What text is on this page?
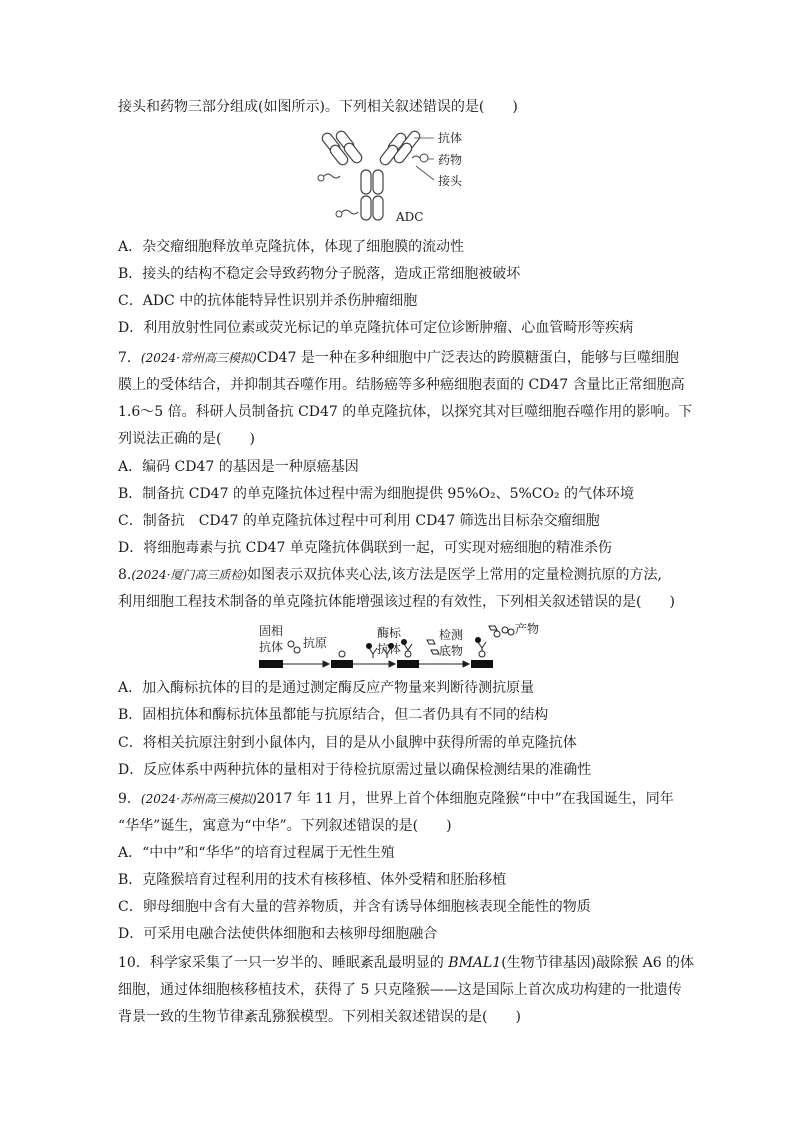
接头和药物三部分组成(如图所示)。下列相关叙述错误的是(　　)
抗体
药物
接头
ADC
A．杂交瘤细胞释放单克隆抗体，体现了细胞膜的流动性
B．接头的结构不稳定会导致药物分子脱落，造成正常细胞被破坏
C．ADC 中的抗体能特异性识别并杀伤肿瘤细胞
D．利用放射性同位素或荧光标记的单克隆抗体可定位诊断肿瘤、心血管畸形等疾病
7．(2024·常州高三模拟)CD47 是一种在多种细胞中广泛表达的跨膜糖蛋白，能够与巨噬细胞
膜上的受体结合，并抑制其吞噬作用。结肠癌等多种癌细胞表面的 CD47 含量比正常细胞高
1.6～5 倍。科研人员制备抗 CD47 的单克隆抗体，以探究其对巨噬细胞吞噬作用的影响。下
列说法正确的是(　　)
A．编码 CD47 的基因是一种原癌基因
B．制备抗 CD47 的单克隆抗体过程中需为细胞提供 95%O₂、5%CO₂ 的气体环境
C．制备抗　CD47 的单克隆抗体过程中可利用 CD47 筛选出目标杂交瘤细胞
D．将细胞毒素与抗 CD47 单克隆抗体偶联到一起，可实现对癌细胞的精准杀伤
8.(2024·厦门高三质检)如图表示双抗体夹心法,该方法是医学上常用的定量检测抗原的方法,
利用细胞工程技术制备的单克隆抗体能增强该过程的有效性，下列相关叙述错误的是(　　)
固相
抗体 抗原
酶标
抗体
检测
底物
产物
A．加入酶标抗体的目的是通过测定酶反应产物量来判断待测抗原量
B．固相抗体和酶标抗体虽都能与抗原结合，但二者仍具有不同的结构
C．将相关抗原注射到小鼠体内，目的是从小鼠脾中获得所需的单克隆抗体
D．反应体系中两种抗体的量相对于待检抗原需过量以确保检测结果的准确性
9．(2024·苏州高三模拟)2017 年 11 月，世界上首个体细胞克隆猴“中中”在我国诞生，同年
“华华”诞生，寓意为“中华”。下列叙述错误的是(　　)
A．“中中”和“华华”的培育过程属于无性生殖
B．克隆猴培育过程利用的技术有核移植、体外受精和胚胎移植
C．卵母细胞中含有大量的营养物质，并含有诱导体细胞核表现全能性的物质
D．可采用电融合法使供体细胞和去核卵母细胞融合
10．科学家采集了一只一岁半的、睡眠紊乱最明显的 BMAL1(生物节律基因)敲除猴 A6 的体
细胞，通过体细胞核移植技术，获得了 5 只克隆猴——这是国际上首次成功构建的一批遗传
背景一致的生物节律紊乱猕猴模型。下列相关叙述错误的是(　　)
